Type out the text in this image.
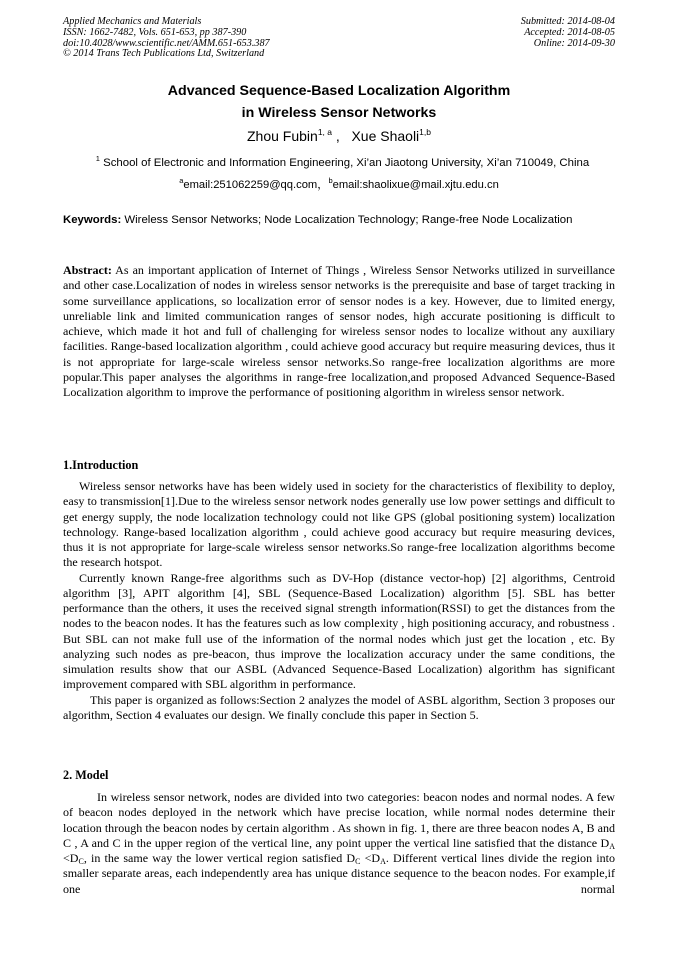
Applied Mechanics and Materials
ISSN: 1662-7482, Vols. 651-653, pp 387-390
doi:10.4028/www.scientific.net/AMM.651-653.387
© 2014 Trans Tech Publications Ltd, Switzerland
Submitted: 2014-08-04
Accepted: 2014-08-05
Online: 2014-09-30
Advanced Sequence-Based Localization Algorithm
in Wireless Sensor Networks
Zhou Fubin$^{1, a}$ ,   Xue Shaoli$^{1,b}$
$^1$ School of Electronic and Information Engineering, Xi’an Jiaotong University, Xi’an 710049, China
$^a$email:251062259@qq.com，$^b$email:shaolixue@mail.xjtu.edu.cn
Keywords: Wireless Sensor Networks; Node Localization Technology; Range-free Node Localization

Abstract: As an important application of Internet of Things , Wireless Sensor Networks utilized in surveillance and other case.Localization of nodes in wireless sensor networks is the prerequisite and base of target tracking in some surveillance applications, so localization error of sensor nodes is a key. However, due to limited energy, unreliable link and limited communication ranges of sensor nodes, high accurate positioning is difficult to achieve, which made it hot and full of challenging for wireless sensor nodes to localize without any auxiliary facilities. Range-based localization algorithm , could achieve good accuracy but require measuring devices, thus it is not appropriate for large-scale wireless sensor networks.So range-free localization algorithms are more popular.This paper analyses the algorithms in range-free localization,and proposed Advanced Sequence-Based Localization algorithm to improve the performance of positioning algorithm in wireless sensor network.

1.Introduction

Wireless sensor networks have has been widely used in society for the characteristics of flexibility to deploy, easy to transmission[1].Due to the wireless sensor network nodes generally use low power settings and difficult to get energy supply, the node localization technology could not like GPS (global positioning system) localization technology. Range-based localization algorithm , could achieve good accuracy but require measuring devices, thus it is not appropriate for large-scale wireless sensor networks.So range-free localization algorithms become the research hotspot.

Currently known Range-free algorithms such as DV-Hop (distance vector-hop) [2] algorithms, Centroid algorithm [3], APIT algorithm [4], SBL (Sequence-Based Localization) algorithm [5]. SBL has better performance than the others, it uses the received signal strength information(RSSI) to get the distances from the nodes to the beacon nodes. It has the features such as low complexity , high positioning accuracy, and robustness . But SBL can not make full use of the information of the normal nodes which just get the location , etc. By analyzing such nodes as pre-beacon, thus improve the localization accuracy under the same conditions, the simulation results show that our ASBL (Advanced Sequence-Based Localization) algorithm has significant improvement compared with SBL algorithm in performance.

This paper is organized as follows:Section 2 analyzes the model of ASBL algorithm, Section 3 proposes our algorithm, Section 4 evaluates our design. We finally conclude this paper in Section 5.

2. Model

In wireless sensor network, nodes are divided into two categories: beacon nodes and normal nodes. A few of beacon nodes deployed in the network which have precise location, while normal nodes determine their location through the beacon nodes by certain algorithm . As shown in fig. 1, there are three beacon nodes A, B and C , A and C in the upper region of the vertical line, any point upper the vertical line satisfied that the distance $D_A <D_C$, in the same way the lower vertical region satisfied $D_C <D_A$. Different vertical lines divide the region into smaller separate areas, each independently area has unique distance sequence to the beacon nodes. For example,if one normal
